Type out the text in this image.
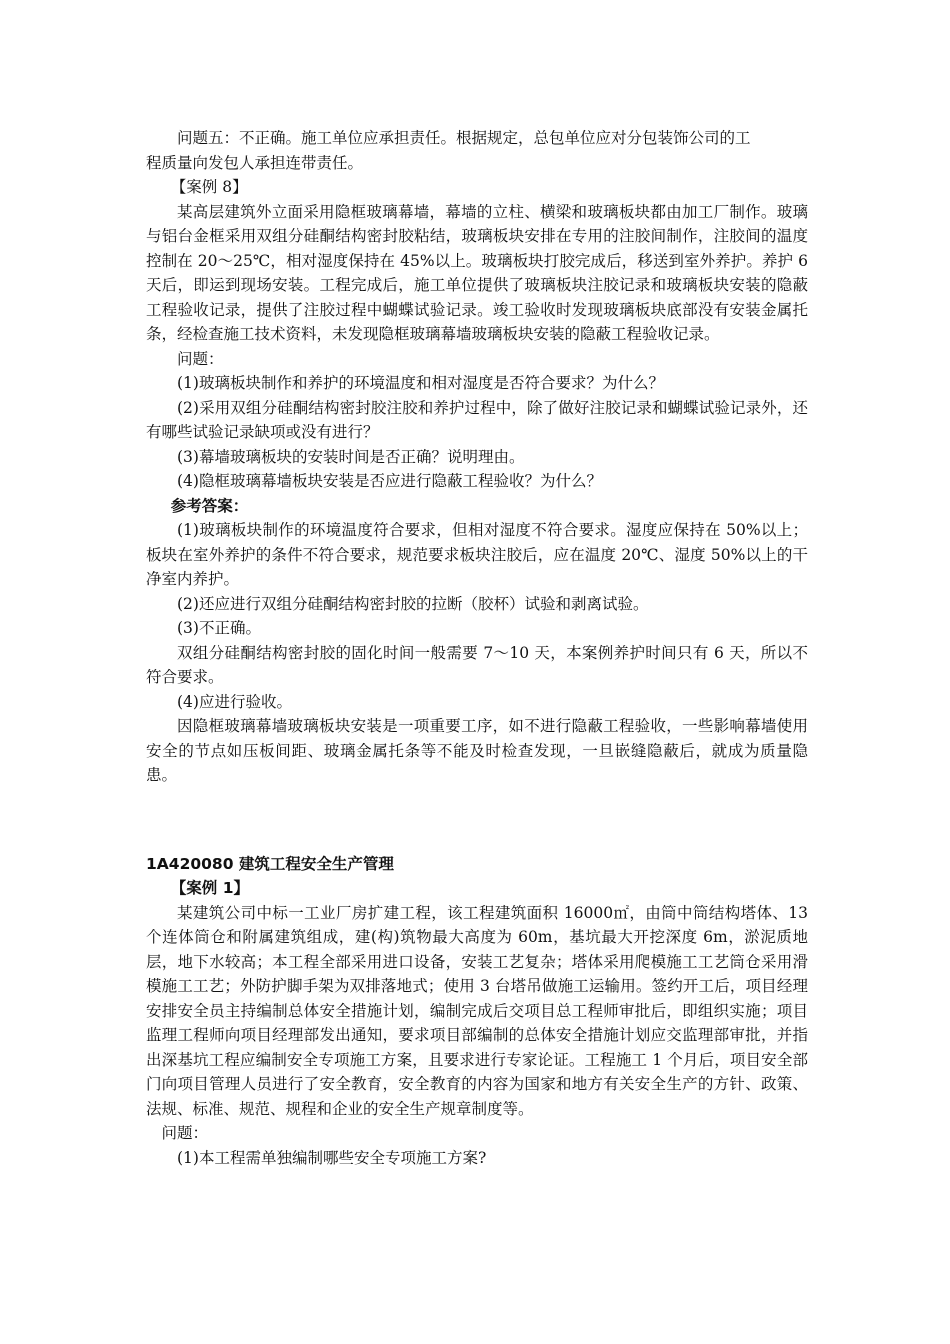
问题五：不正确。施工单位应承担责任。根据规定，总包单位应对分包装饰公司的工

程质量向发包人承担连带责任。

【案例 8】

某高层建筑外立面采用隐框玻璃幕墙，幕墙的立柱、横梁和玻璃板块都由加工厂制作。玻璃与铝台金框采用双组分硅酮结构密封胶粘结，玻璃板块安排在专用的注胶间制作，注胶间的温度控制在 20～25℃，相对湿度保持在 45%以上。玻璃板块打胶完成后，移送到室外养护。养护 6 天后，即运到现场安装。工程完成后，施工单位提供了玻璃板块注胶记录和玻璃板块安装的隐蔽工程验收记录，提供了注胶过程中蝴蝶试验记录。竣工验收时发现玻璃板块底部没有安装金属托条，经检查施工技术资料，未发现隐框玻璃幕墙玻璃板块安装的隐蔽工程验收记录。

问题：

(1)玻璃板块制作和养护的环境温度和相对湿度是否符合要求？为什么？

(2)采用双组分硅酮结构密封胶注胶和养护过程中，除了做好注胶记录和蝴蝶试验记录外，还有哪些试验记录缺项或没有进行？

(3)幕墙玻璃板块的安装时间是否正确？说明理由。

(4)隐框玻璃幕墙板块安装是否应进行隐蔽工程验收？为什么？

参考答案：

(1)玻璃板块制作的环境温度符合要求，但相对湿度不符合要求。湿度应保持在 50%以上；板块在室外养护的条件不符合要求，规范要求板块注胶后，应在温度 20℃、湿度 50%以上的干净室内养护。

(2)还应进行双组分硅酮结构密封胶的拉断（胶杯）试验和剥离试验。

(3)不正确。

双组分硅酮结构密封胶的固化时间一般需要 7～10 天，本案例养护时间只有 6 天，所以不符合要求。

(4)应进行验收。

因隐框玻璃幕墙玻璃板块安装是一项重要工序，如不进行隐蔽工程验收，一些影响幕墙使用安全的节点如压板间距、玻璃金属托条等不能及时检查发现，一旦嵌缝隐蔽后，就成为质量隐患。

1A420080 建筑工程安全生产管理

【案例 1】

某建筑公司中标一工业厂房扩建工程，该工程建筑面积 16000㎡，由筒中筒结构塔体、13 个连体筒仓和附属建筑组成，建(构)筑物最大高度为 60m，基坑最大开挖深度 6m，淤泥质地层，地下水较高；本工程全部采用进口设备，安装工艺复杂；塔体采用爬模施工工艺筒仓采用滑模施工工艺；外防护脚手架为双排落地式；使用 3 台塔吊做施工运输用。签约开工后，项目经理安排安全员主持编制总体安全措施计划，编制完成后交项目总工程师审批后，即组织实施；项目监理工程师向项目经理部发出通知，要求项目部编制的总体安全措施计划应交监理部审批，并指出深基坑工程应编制安全专项施工方案，且要求进行专家论证。工程施工 1 个月后，项目安全部门向项目管理人员进行了安全教育，安全教育的内容为国家和地方有关安全生产的方针、政策、法规、标准、规范、规程和企业的安全生产规章制度等。

问题：

(1)本工程需单独编制哪些安全专项施工方案?
